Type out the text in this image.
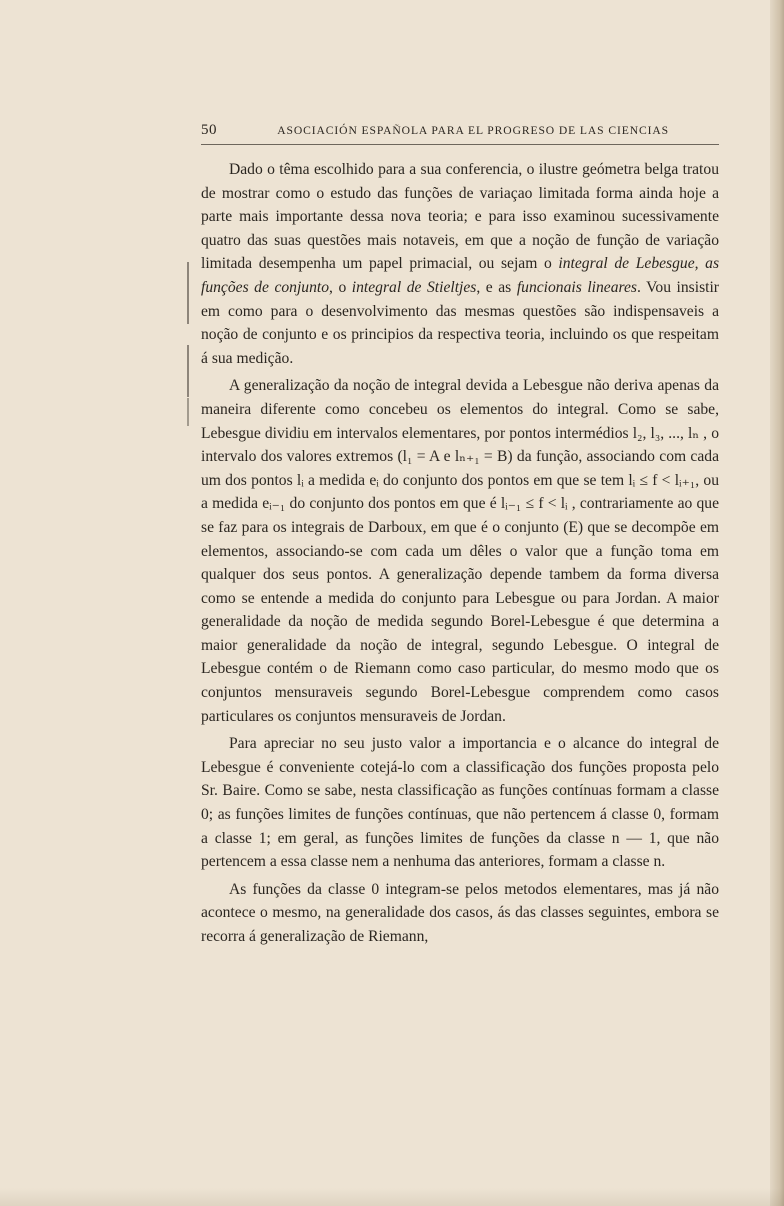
50	ASOCIACIÓN ESPAÑOLA PARA EL PROGRESO DE LAS CIENCIAS

Dado o têma escolhido para a sua conferencia, o ilustre geómetra belga tratou de mostrar como o estudo das funções de variaçao limitada forma ainda hoje a parte mais importante dessa nova teoria; e para isso examinou sucessivamente quatro das suas questões mais notaveis, em que a noção de função de variação limitada desempenha um papel primacial, ou sejam o integral de Lebesgue, as funções de conjunto, o integral de Stieltjes, e as funcionais lineares. Vou insistir em como para o desenvolvimento das mesmas questões são indispensaveis a noção de conjunto e os principios da respectiva teoria, incluindo os que respeitam á sua medição.

A generalização da noção de integral devida a Lebesgue não deriva apenas da maneira diferente como concebeu os elementos do integral. Como se sabe, Lebesgue dividiu em intervalos elementares, por pontos intermédios l₂, l₃, ..., lₙ , o intervalo dos valores extremos (l₁ = A e lₙ₊₁ = B) da função, associando com cada um dos pontos lᵢ a medida eᵢ do conjunto dos pontos em que se tem lᵢ ≤ f < lᵢ₊₁, ou a medida eᵢ₋₁ do conjunto dos pontos em que é lᵢ₋₁ ≤ f < lᵢ , contrariamente ao que se faz para os integrais de Darboux, em que é o conjunto (E) que se decompõe em elementos, associando-se com cada um dêles o valor que a função toma em qualquer dos seus pontos. A generalização depende tambem da forma diversa como se entende a medida do conjunto para Lebesgue ou para Jordan. A maior generalidade da noção de medida segundo Borel-Lebesgue é que determina a maior generalidade da noção de integral, segundo Lebesgue. O integral de Lebesgue contém o de Riemann como caso particular, do mesmo modo que os conjuntos mensuraveis segundo Borel-Lebesgue comprendem como casos particulares os conjuntos mensuraveis de Jordan.

Para apreciar no seu justo valor a importancia e o alcance do integral de Lebesgue é conveniente cotejá-lo com a classificação dos funções proposta pelo Sr. Baire. Como se sabe, nesta classificação as funções contínuas formam a classe 0; as funções limites de funções contínuas, que não pertencem á classe 0, formam a classe 1; em geral, as funções limites de funções da classe n — 1, que não pertencem a essa classe nem a nenhuma das anteriores, formam a classe n.

As funções da classe 0 integram-se pelos metodos elementares, mas já não acontece o mesmo, na generalidade dos casos, ás das classes seguintes, embora se recorra á generalização de Riemann,
